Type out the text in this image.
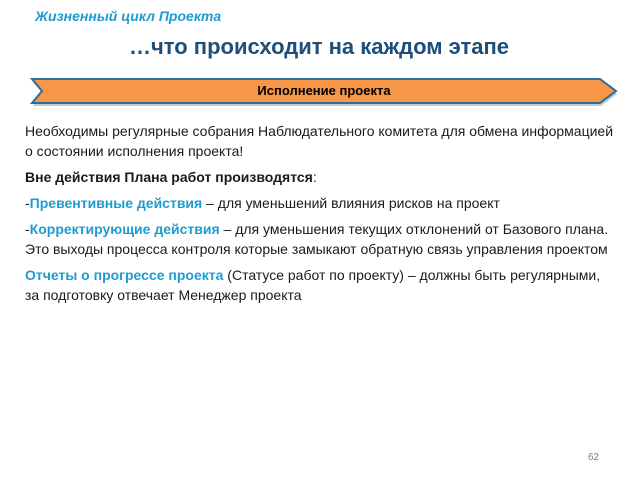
Жизненный цикл Проекта
…что происходит на каждом этапе
Исполнение проекта

Необходимы регулярные собрания Наблюдательного комитета для обмена информацией о состоянии исполнения проекта!

Вне действия Плана работ производятся:

-Превентивные действия – для уменьшений влияния рисков на проект

-Корректирующие действия – для уменьшения текущих отклонений от Базового плана. Это выходы процесса контроля которые замыкают обратную связь управления проектом

Отчеты о прогрессе проекта (Статусе работ по проекту) – должны быть регулярными, за подготовку отвечает Менеджер проекта

62
